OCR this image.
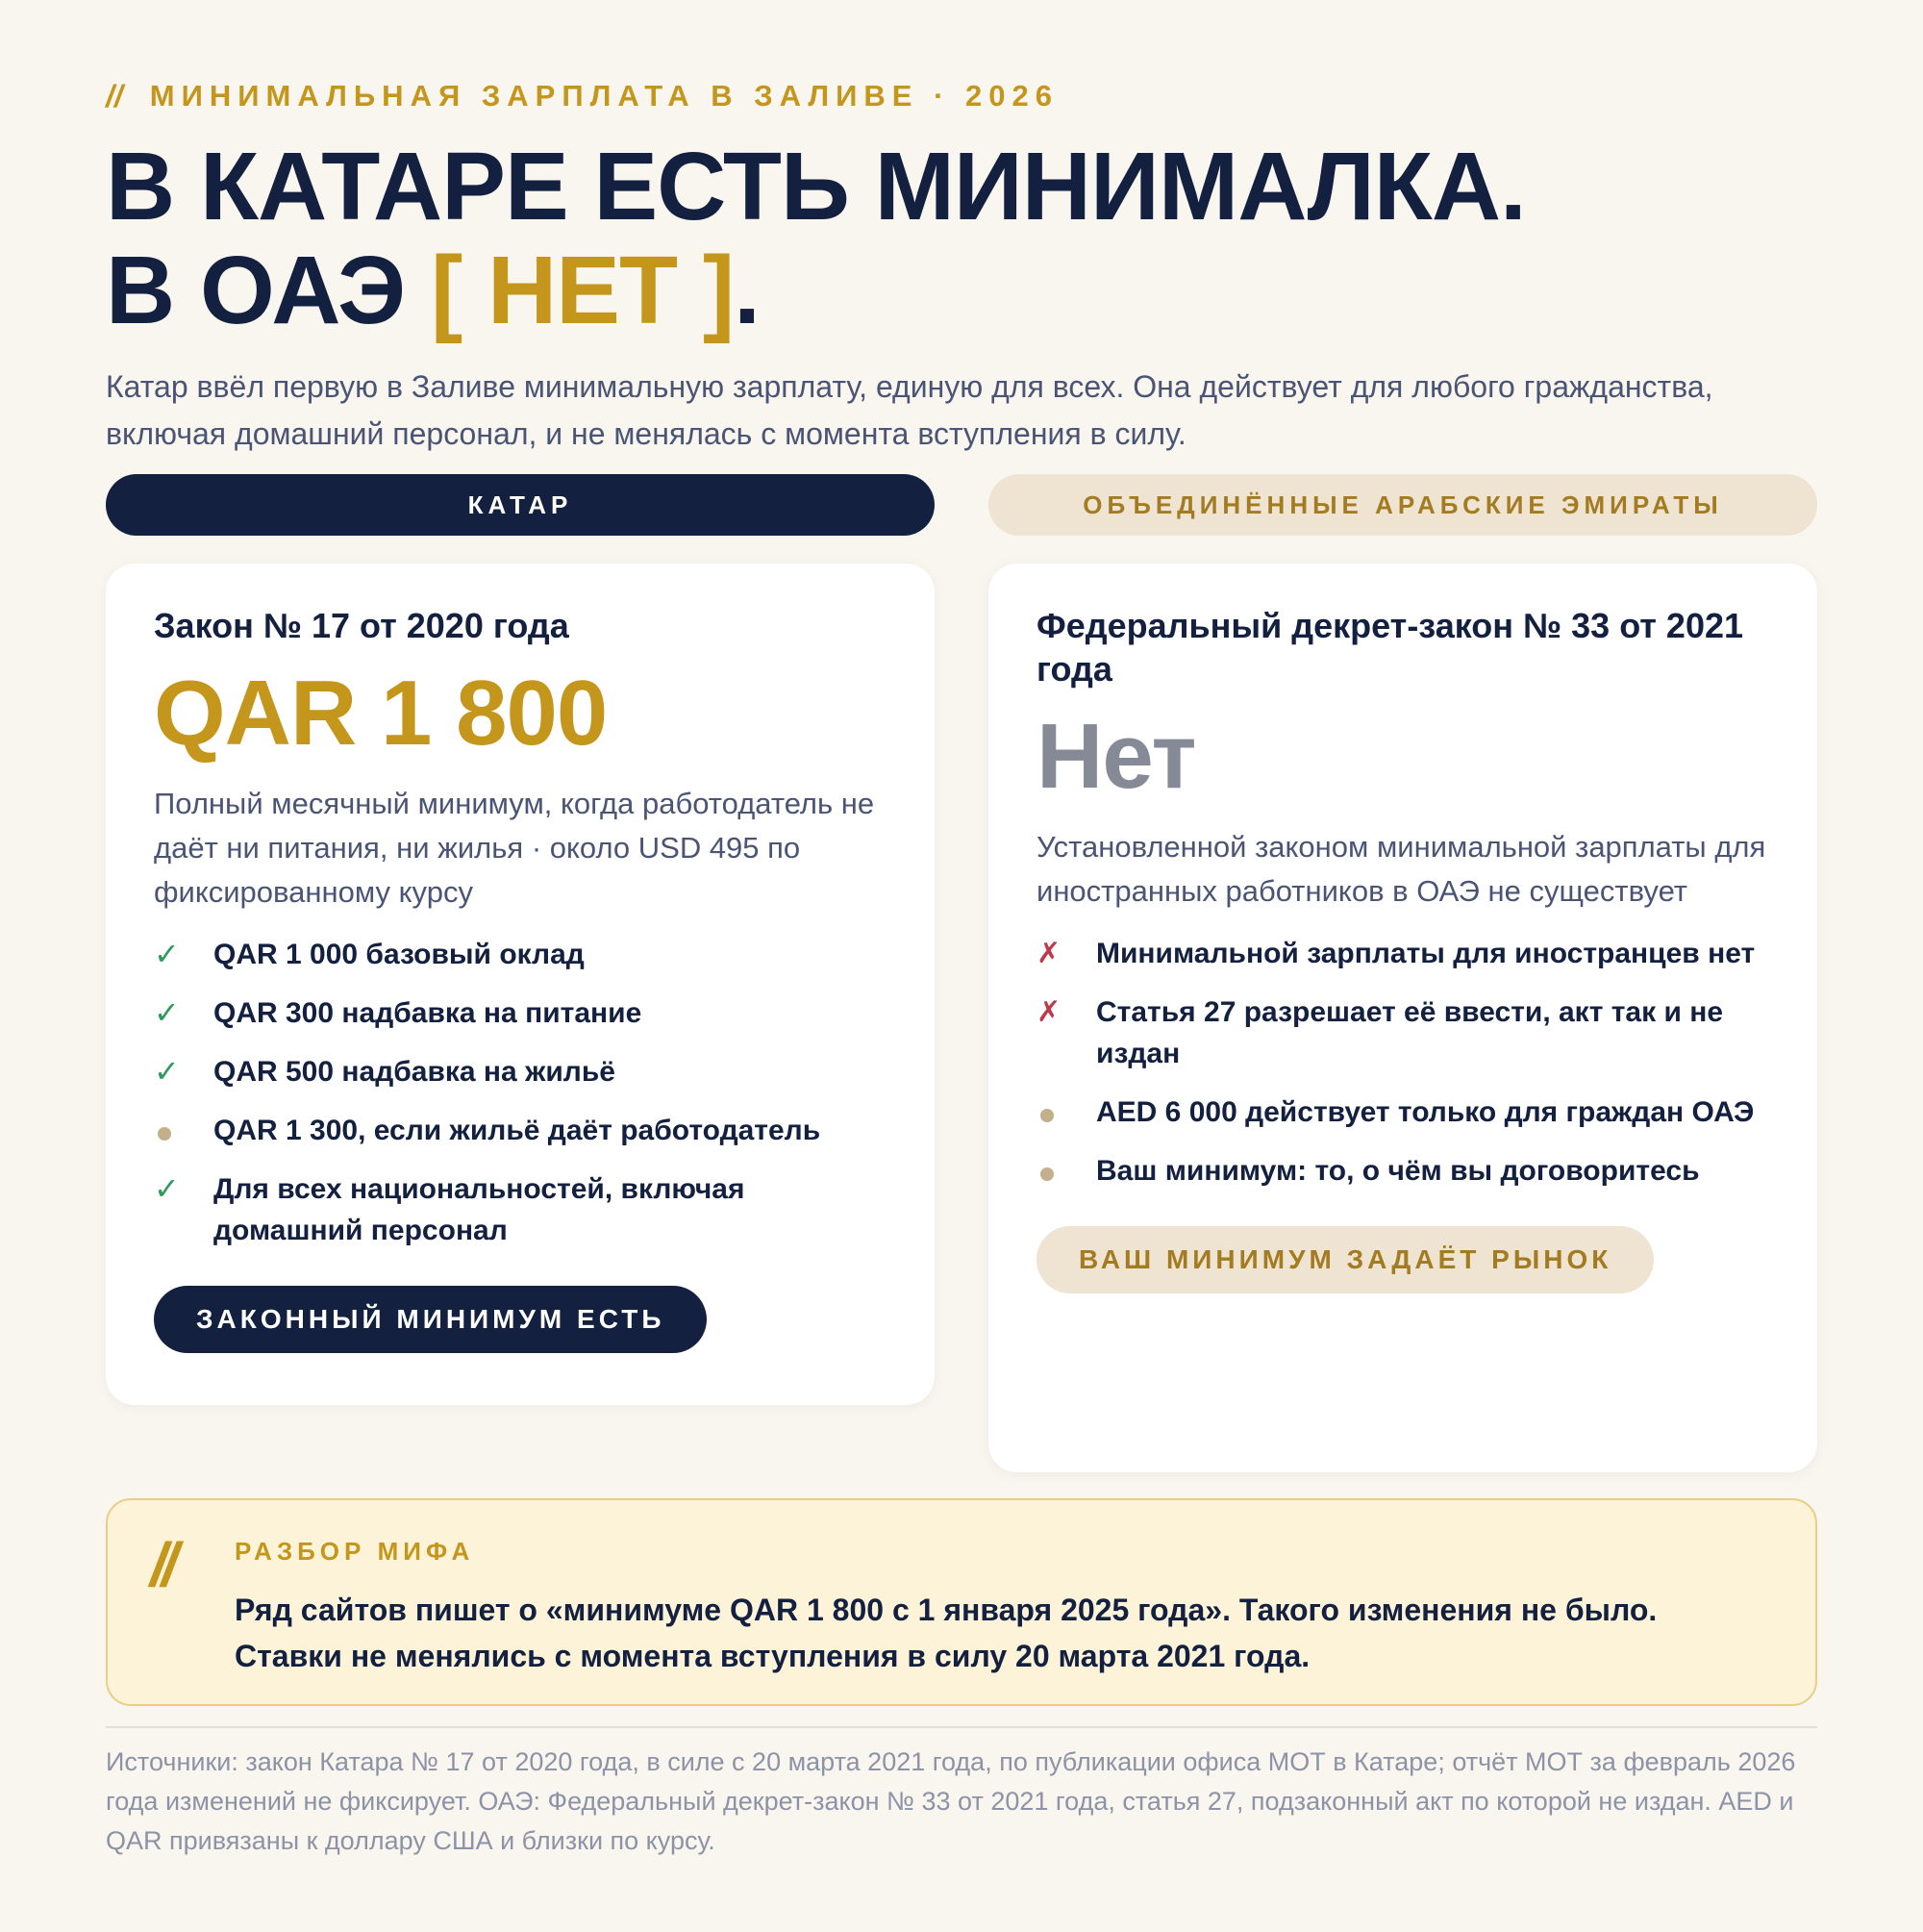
// МИНИМАЛЬНАЯ ЗАРПЛАТА В ЗАЛИВЕ · 2026
В КАТАРЕ ЕСТЬ МИНИМАЛКА.
В ОАЭ [ НЕТ ].

Катар ввёл первую в Заливе минимальную зарплату, единую для всех. Она действует для любого гражданства, включая домашний персонал, и не менялась с момента вступления в силу.

КАТАР
Закон № 17 от 2020 года
QAR 1 800

Полный месячный минимум, когда работодатель не даёт ни питания, ни жилья · около USD 495 по фиксированному курсу

✓	QAR 1 000 базовый оклад
✓	QAR 300 надбавка на питание
✓	QAR 500 надбавка на жильё
QAR 1 300, если жильё даёт работодатель
✓	Для всех национальностей, включая домашний персонал
ЗАКОННЫЙ МИНИМУМ ЕСТЬ
ОБЪЕДИНЁННЫЕ АРАБСКИЕ ЭМИРАТЫ
Федеральный декрет-закон № 33 от 2021 года
Нет

Установленной законом минимальной зарплаты для иностранных работников в ОАЭ не существует

✗	Минимальной зарплаты для иностранцев нет
✗	Статья 27 разрешает её ввести, акт так и не издан
AED 6 000 действует только для граждан ОАЭ
Ваш минимум: то, о чём вы договоритесь
ВАШ МИНИМУМ ЗАДАЁТ РЫНОК
// РАЗБОР МИФА
Ряд сайтов пишет о «минимуме QAR 1 800 с 1 января 2025 года». Такого изменения не было. Ставки не менялись с момента вступления в силу 20 марта 2021 года.

Источники: закон Катара № 17 от 2020 года, в силе с 20 марта 2021 года, по публикации офиса МОТ в Катаре; отчёт МОТ за февраль 2026 года изменений не фиксирует. ОАЭ: Федеральный декрет-закон № 33 от 2021 года, статья 27, подзаконный акт по которой не издан. AED и QAR привязаны к доллару США и близки по курсу.
